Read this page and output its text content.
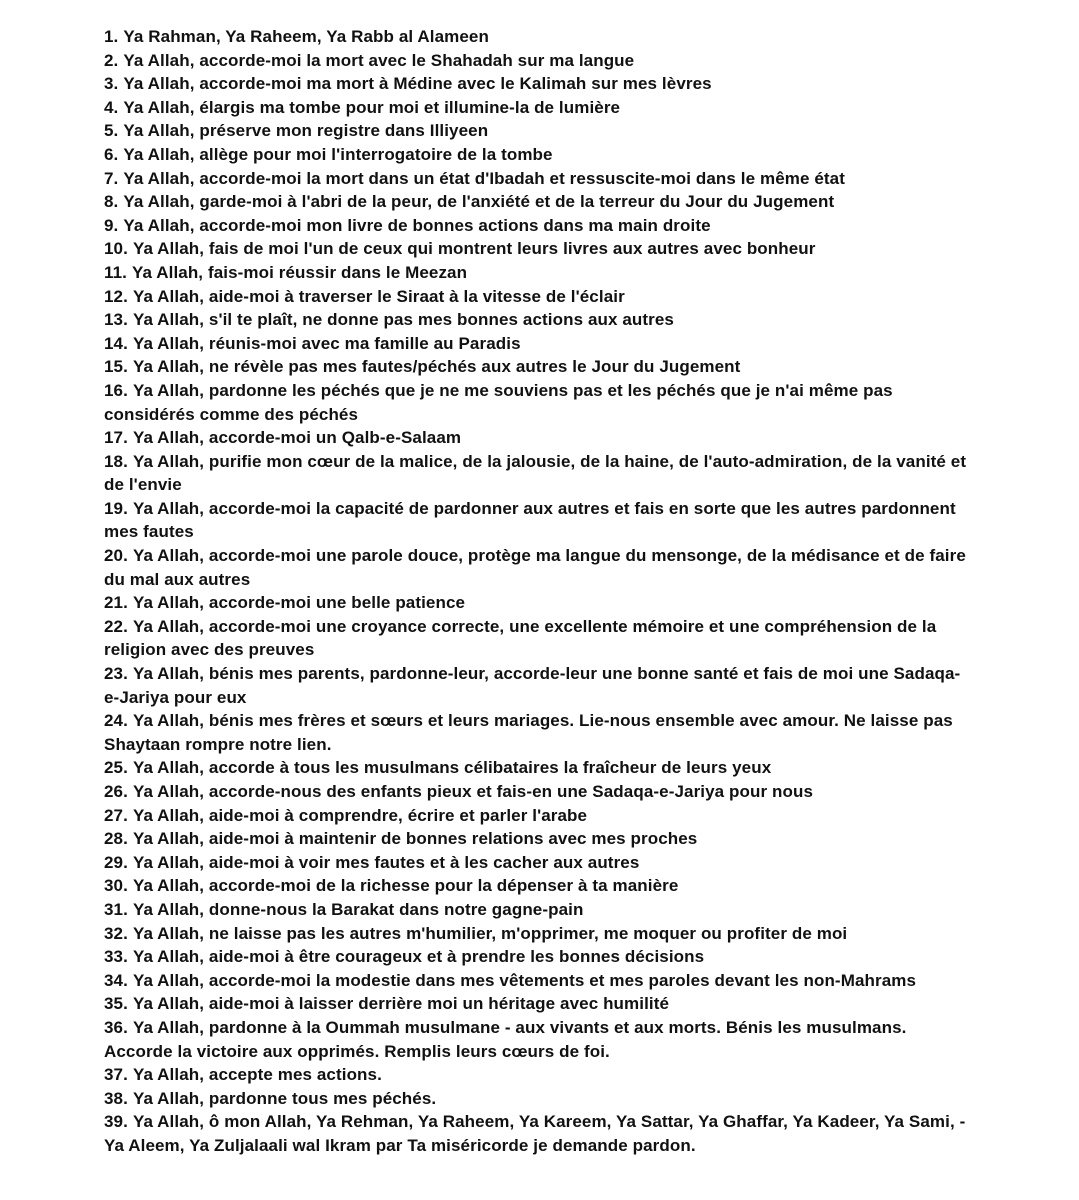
1. Ya Rahman, Ya Raheem, Ya Rabb al Alameen
2. Ya Allah, accorde-moi la mort avec le Shahadah sur ma langue
3. Ya Allah, accorde-moi ma mort à Médine avec le Kalimah sur mes lèvres
4. Ya Allah, élargis ma tombe pour moi et illumine-la de lumière
5. Ya Allah, préserve mon registre dans Illiyeen
6. Ya Allah, allège pour moi l'interrogatoire de la tombe
7. Ya Allah, accorde-moi la mort dans un état d'Ibadah et ressuscite-moi dans le même état
8. Ya Allah, garde-moi à l'abri de la peur, de l'anxiété et de la terreur du Jour du Jugement
9. Ya Allah, accorde-moi mon livre de bonnes actions dans ma main droite
10. Ya Allah, fais de moi l'un de ceux qui montrent leurs livres aux autres avec bonheur
11. Ya Allah, fais-moi réussir dans le Meezan
12. Ya Allah, aide-moi à traverser le Siraat à la vitesse de l'éclair
13. Ya Allah, s'il te plaît, ne donne pas mes bonnes actions aux autres
14. Ya Allah, réunis-moi avec ma famille au Paradis
15. Ya Allah, ne révèle pas mes fautes/péchés aux autres le Jour du Jugement
16. Ya Allah, pardonne les péchés que je ne me souviens pas et les péchés que je n'ai même pas considérés comme des péchés
17. Ya Allah, accorde-moi un Qalb-e-Salaam
18. Ya Allah, purifie mon cœur de la malice, de la jalousie, de la haine, de l'auto-admiration, de la vanité et de l'envie
19. Ya Allah, accorde-moi la capacité de pardonner aux autres et fais en sorte que les autres pardonnent mes fautes
20. Ya Allah, accorde-moi une parole douce, protège ma langue du mensonge, de la médisance et de faire du mal aux autres
21. Ya Allah, accorde-moi une belle patience
22. Ya Allah, accorde-moi une croyance correcte, une excellente mémoire et une compréhension de la religion avec des preuves
23. Ya Allah, bénis mes parents, pardonne-leur, accorde-leur une bonne santé et fais de moi une Sadaqa-e-Jariya pour eux
24. Ya Allah, bénis mes frères et sœurs et leurs mariages. Lie-nous ensemble avec amour. Ne laisse pas Shaytaan rompre notre lien.
25. Ya Allah, accorde à tous les musulmans célibataires la fraîcheur de leurs yeux
26. Ya Allah, accorde-nous des enfants pieux et fais-en une Sadaqa-e-Jariya pour nous
27. Ya Allah, aide-moi à comprendre, écrire et parler l'arabe
28. Ya Allah, aide-moi à maintenir de bonnes relations avec mes proches
29. Ya Allah, aide-moi à voir mes fautes et à les cacher aux autres
30. Ya Allah, accorde-moi de la richesse pour la dépenser à ta manière
31. Ya Allah, donne-nous la Barakat dans notre gagne-pain
32. Ya Allah, ne laisse pas les autres m'humilier, m'opprimer, me moquer ou profiter de moi
33. Ya Allah, aide-moi à être courageux et à prendre les bonnes décisions
34. Ya Allah, accorde-moi la modestie dans mes vêtements et mes paroles devant les non-Mahrams
35. Ya Allah, aide-moi à laisser derrière moi un héritage avec humilité
36. Ya Allah, pardonne à la Oummah musulmane - aux vivants et aux morts. Bénis les musulmans. Accorde la victoire aux opprimés. Remplis leurs cœurs de foi.
37. Ya Allah, accepte mes actions.
38. Ya Allah, pardonne tous mes péchés.
39. Ya Allah, ô mon Allah, Ya Rehman, Ya Raheem, Ya Kareem, Ya Sattar, Ya Ghaffar, Ya Kadeer, Ya Sami, -Ya Aleem, Ya Zuljalaali wal Ikram par Ta miséricorde je demande pardon.
